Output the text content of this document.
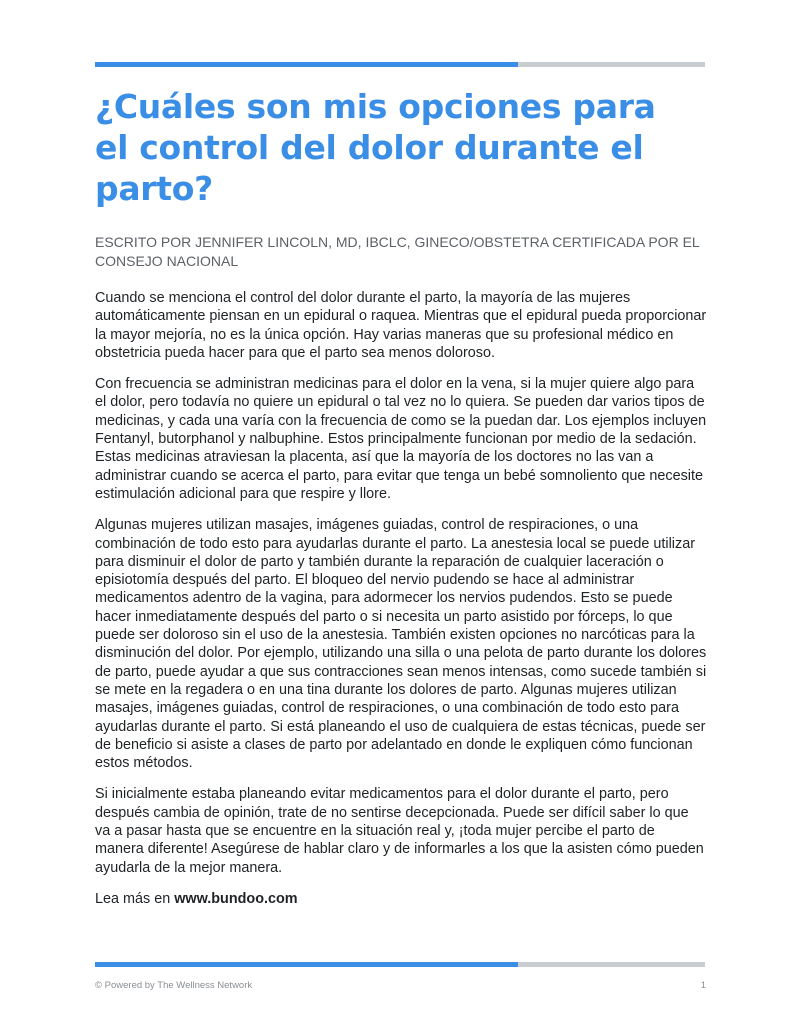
¿Cuáles son mis opciones para el control del dolor durante el parto?
ESCRITO POR JENNIFER LINCOLN, MD, IBCLC, GINECO/OBSTETRA CERTIFICADA POR EL CONSEJO NACIONAL

Cuando se menciona el control del dolor durante el parto, la mayoría de las mujeres automáticamente piensan en un epidural o raquea. Mientras que el epidural pueda proporcionar la mayor mejoría, no es la única opción. Hay varias maneras que su profesional médico en obstetricia pueda hacer para que el parto sea menos doloroso.

Con frecuencia se administran medicinas para el dolor en la vena, si la mujer quiere algo para el dolor, pero todavía no quiere un epidural o tal vez no lo quiera. Se pueden dar varios tipos de medicinas, y cada una varía con la frecuencia de como se la puedan dar. Los ejemplos incluyen Fentanyl, butorphanol y nalbuphine. Estos principalmente funcionan por medio de la sedación. Estas medicinas atraviesan la placenta, así que la mayoría de los doctores no las van a administrar cuando se acerca el parto, para evitar que tenga un bebé somnoliento que necesite estimulación adicional para que respire y llore.

Algunas mujeres utilizan masajes, imágenes guiadas, control de respiraciones, o una combinación de todo esto para ayudarlas durante el parto. La anestesia local se puede utilizar para disminuir el dolor de parto y también durante la reparación de cualquier laceración o episiotomía después del parto. El bloqueo del nervio pudendo se hace al administrar medicamentos adentro de la vagina, para adormecer los nervios pudendos. Esto se puede hacer inmediatamente después del parto o si necesita un parto asistido por fórceps, lo que puede ser doloroso sin el uso de la anestesia. También existen opciones no narcóticas para la disminución del dolor. Por ejemplo, utilizando una silla o una pelota de parto durante los dolores de parto, puede ayudar a que sus contracciones sean menos intensas, como sucede también si se mete en la regadera o en una tina durante los dolores de parto. Algunas mujeres utilizan masajes, imágenes guiadas, control de respiraciones, o una combinación de todo esto para ayudarlas durante el parto. Si está planeando el uso de cualquiera de estas técnicas, puede ser de beneficio si asiste a clases de parto por adelantado en donde le expliquen cómo funcionan estos métodos.

Si inicialmente estaba planeando evitar medicamentos para el dolor durante el parto, pero después cambia de opinión, trate de no sentirse decepcionada. Puede ser difícil saber lo que va a pasar hasta que se encuentre en la situación real y, ¡toda mujer percibe el parto de manera diferente! Asegúrese de hablar claro y de informarles a los que la asisten cómo pueden ayudarla de la mejor manera.

Lea más en www.bundoo.com

© Powered by The Wellness Network	1
